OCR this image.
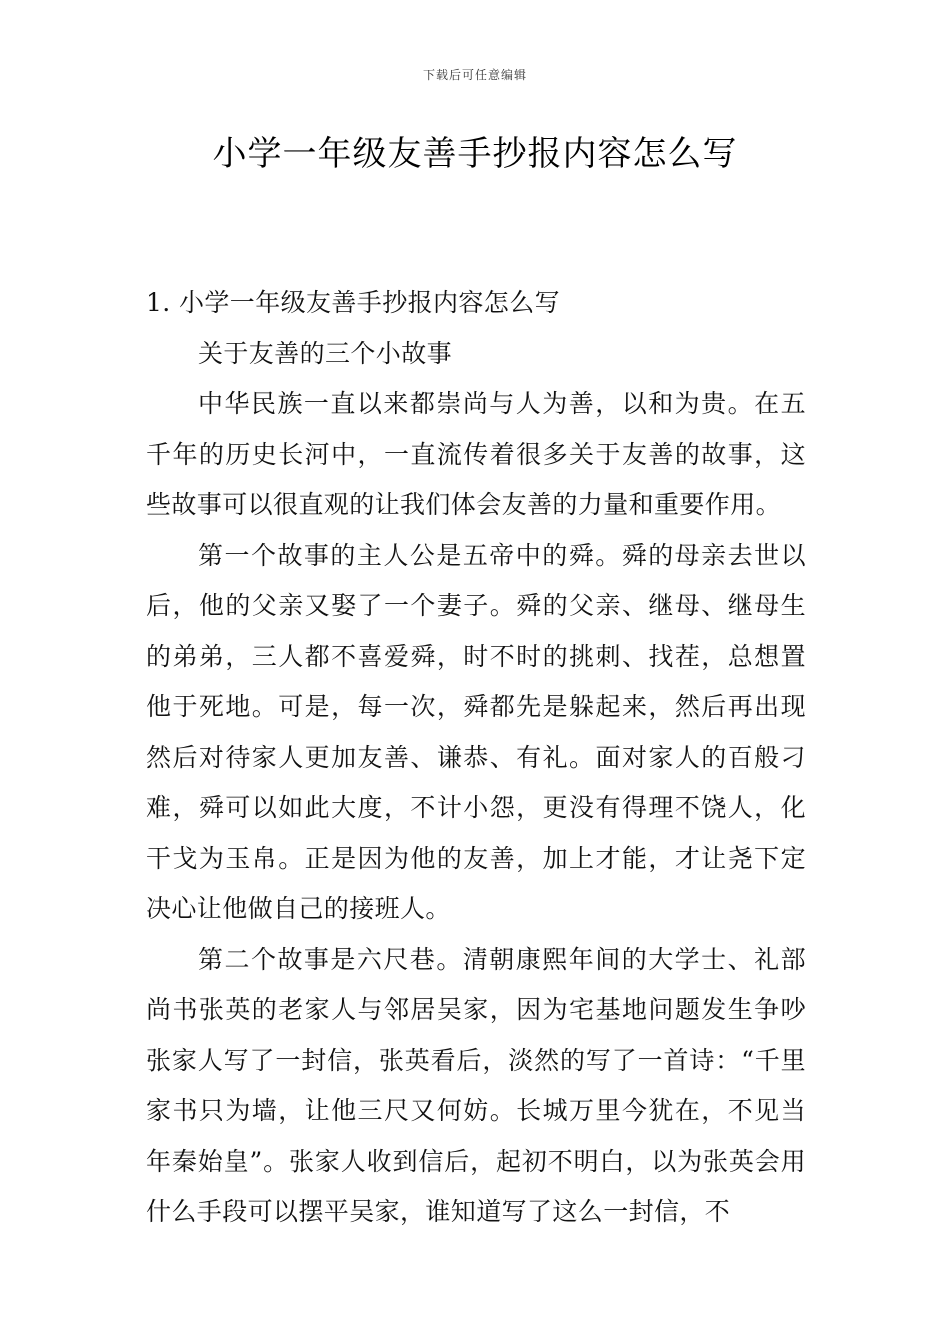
下载后可任意编辑
小学一年级友善手抄报内容怎么写

1. 小学一年级友善手抄报内容怎么写

关于友善的三个小故事

中华民族一直以来都崇尚与人为善，以和为贵。在五千年的历史长河中，一直流传着很多关于友善的故事，这些故事可以很直观的让我们体会友善的力量和重要作用。

第一个故事的主人公是五帝中的舜。舜的母亲去世以后，他的父亲又娶了一个妻子。舜的父亲、继母、继母生的弟弟，三人都不喜爱舜，时不时的挑刺、找茬，总想置他于死地。可是，每一次，舜都先是躲起来，然后再出现然后对待家人更加友善、谦恭、有礼。面对家人的百般刁难，舜可以如此大度，不计小怨，更没有得理不饶人，化干戈为玉帛。正是因为他的友善，加上才能，才让尧下定决心让他做自己的接班人。

第二个故事是六尺巷。清朝康熙年间的大学士、礼部尚书张英的老家人与邻居吴家，因为宅基地问题发生争吵张家人写了一封信，张英看后，淡然的写了一首诗：“千里家书只为墙，让他三尺又何妨。长城万里今犹在，不见当年秦始皇”。张家人收到信后，起初不明白，以为张英会用什么手段可以摆平吴家，谁知道写了这么一封信，不
